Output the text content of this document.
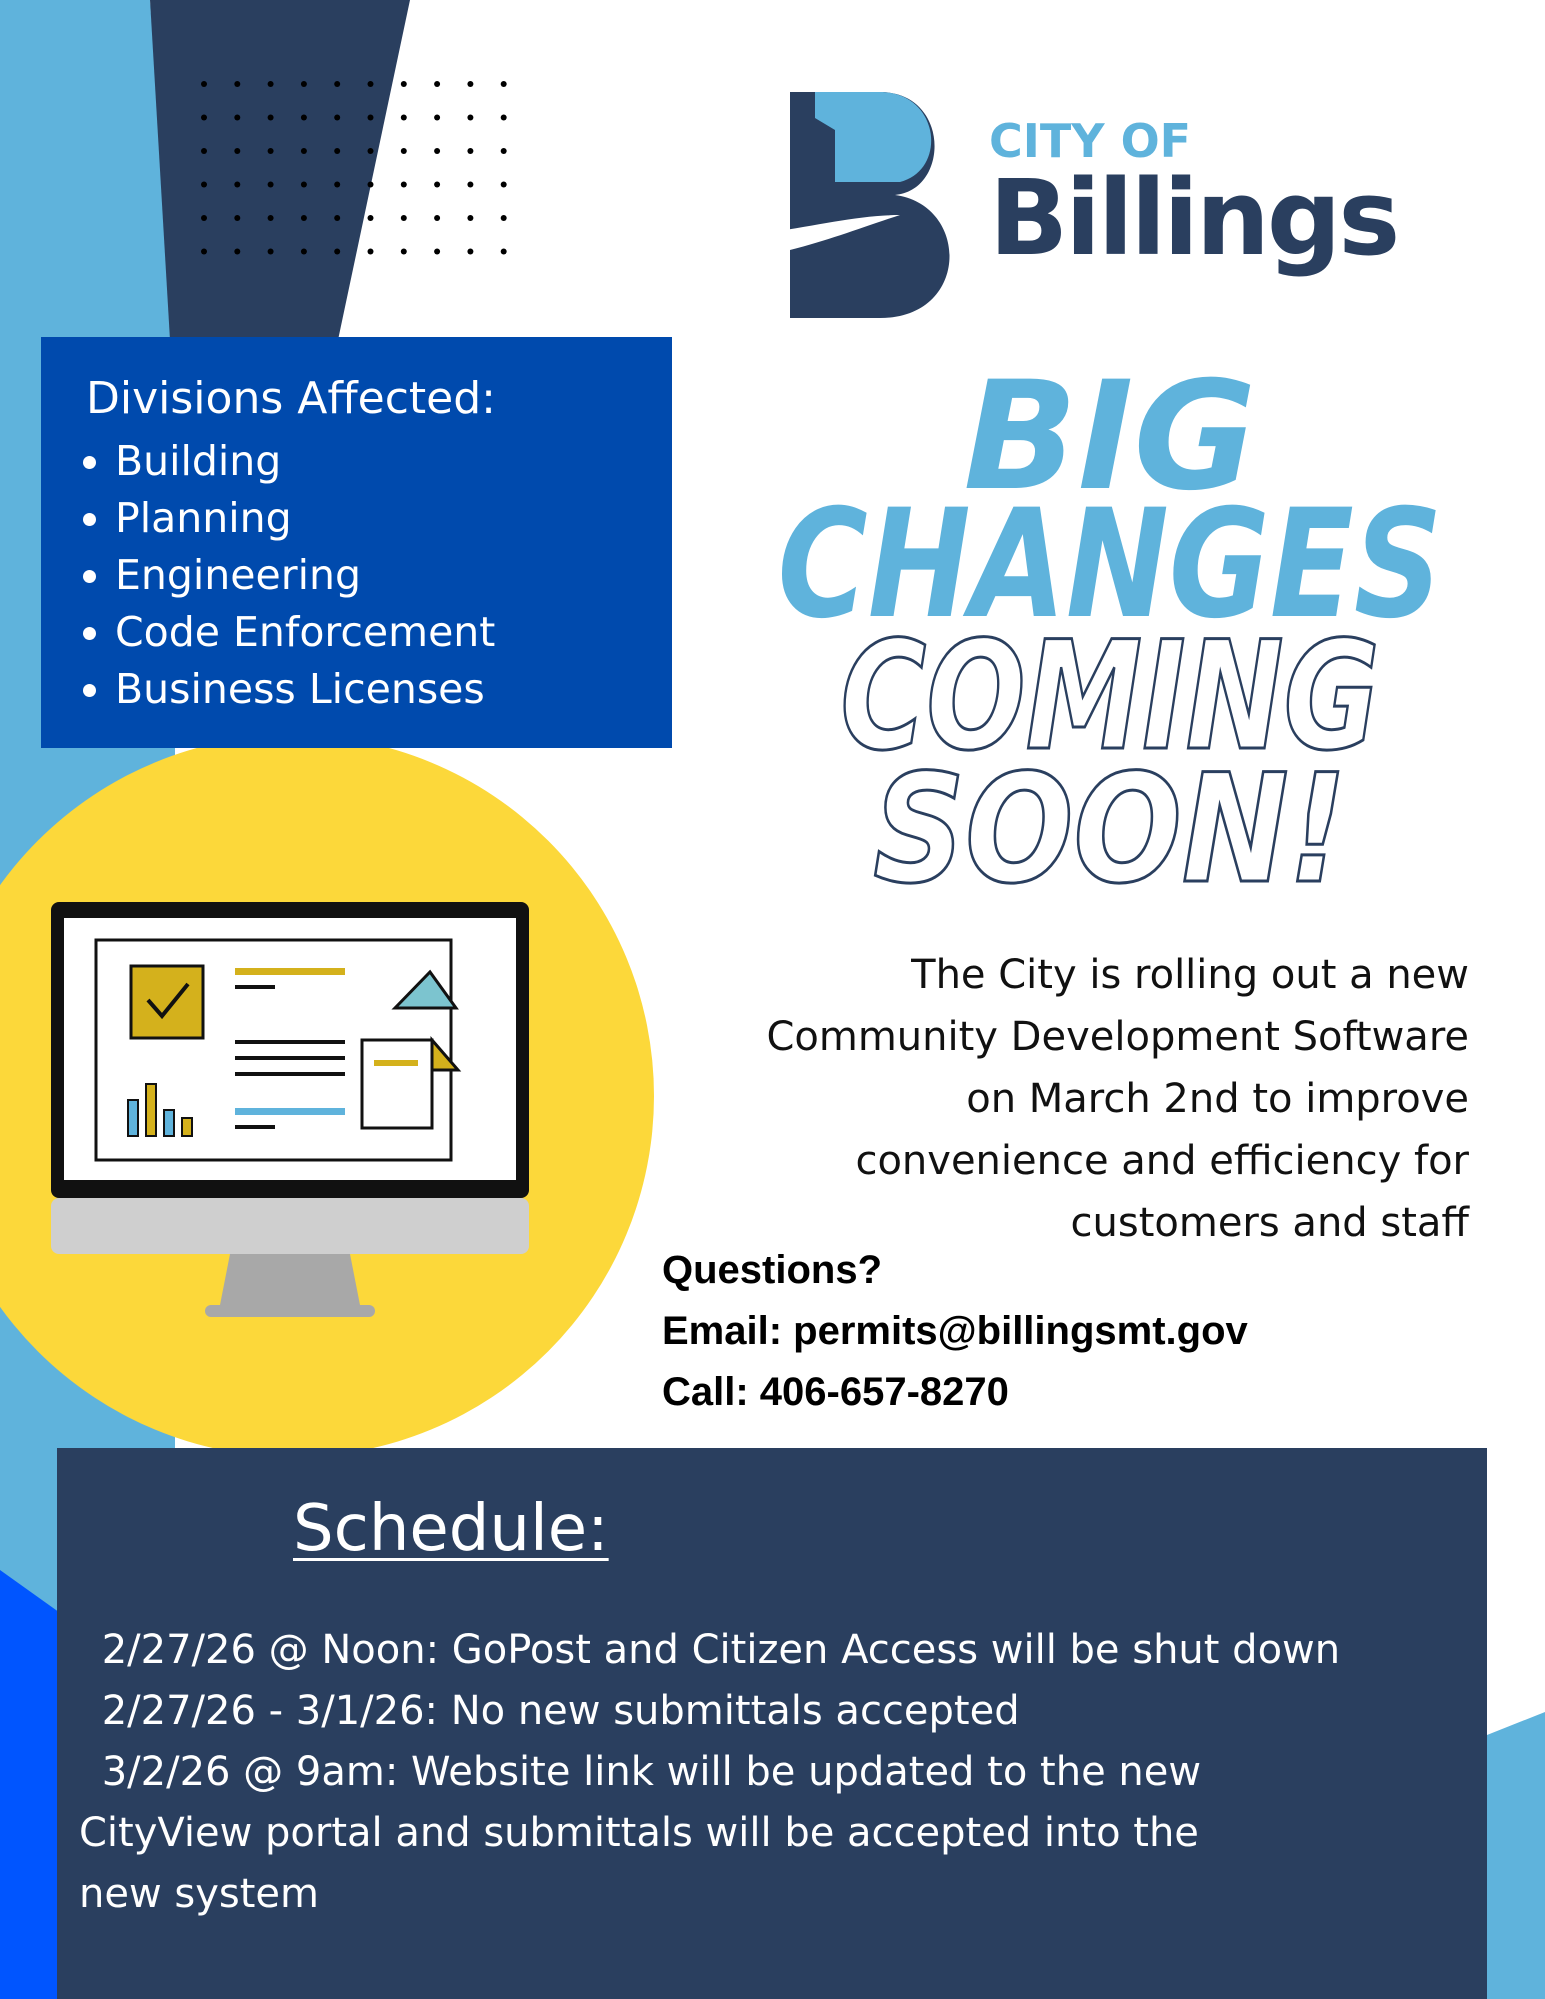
CITY OF
Billings
Divisions Affected:
• Building
• Planning
• Engineering
• Code Enforcement
• Business Licenses
BIG
CHANGES
COMING
SOON!
The City is rolling out a new
Community Development Software
on March 2nd to improve
convenience and efficiency for
customers and staff
Questions?
Email: permits@billingsmt.gov
Call: 406-657-8270
Schedule:
2/27/26 @ Noon: GoPost and Citizen Access will be shut down
2/27/26 - 3/1/26: No new submittals accepted
3/2/26 @ 9am: Website link will be updated to the new
CityView portal and submittals will be accepted into the
new system
